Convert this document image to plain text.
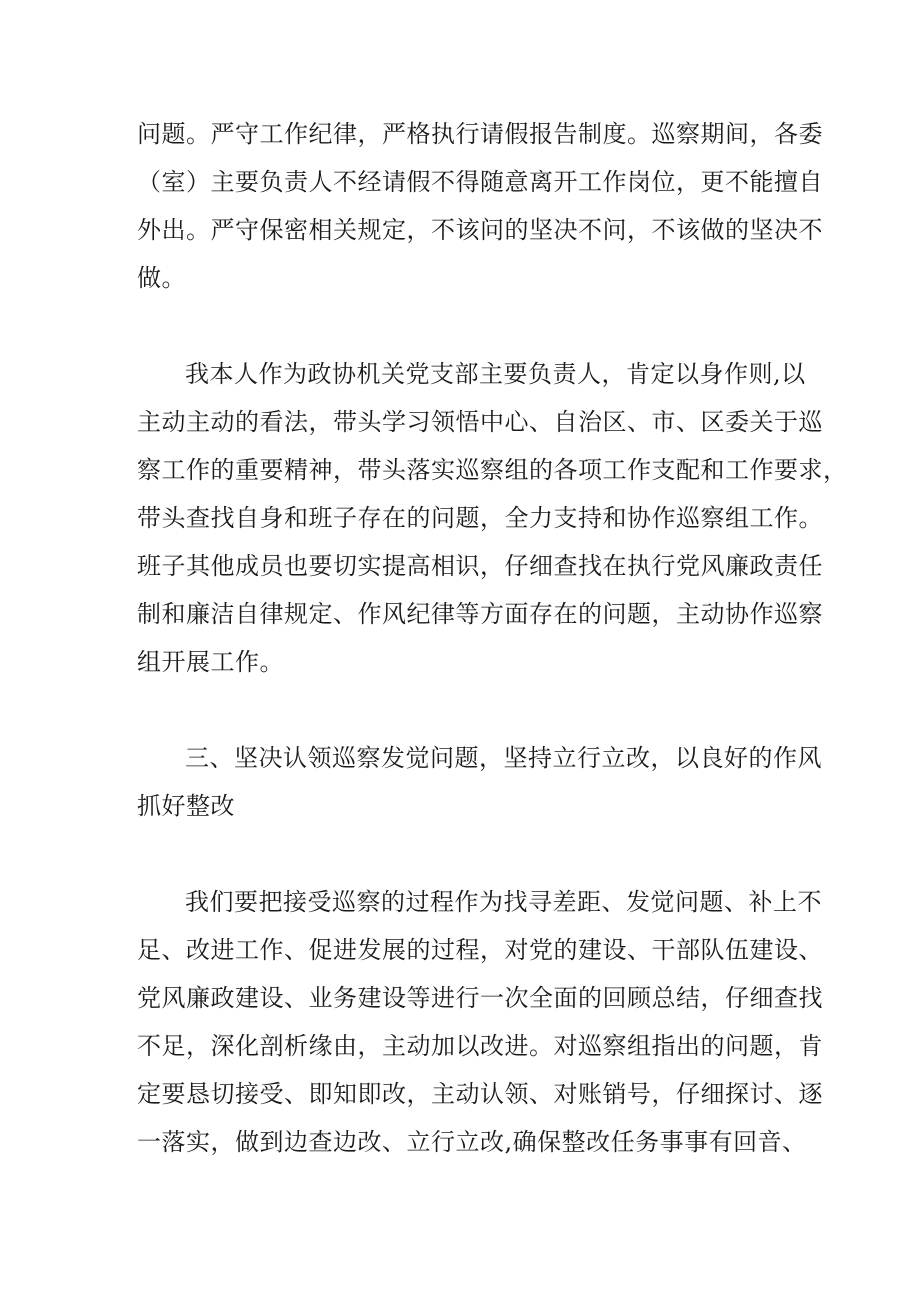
问题。严守工作纪律，严格执行请假报告制度。巡察期间，各委
（室）主要负责人不经请假不得随意离开工作岗位，更不能擅自
外出。严守保密相关规定，不该问的坚决不问，不该做的坚决不
做。
我本人作为政协机关党支部主要负责人，肯定以身作则,以
主动主动的看法，带头学习领悟中心、自治区、市、区委关于巡
察工作的重要精神，带头落实巡察组的各项工作支配和工作要求，
带头查找自身和班子存在的问题，全力支持和协作巡察组工作。
班子其他成员也要切实提高相识，仔细查找在执行党风廉政责任
制和廉洁自律规定、作风纪律等方面存在的问题，主动协作巡察
组开展工作。
三、坚决认领巡察发觉问题，坚持立行立改，以良好的作风
抓好整改
我们要把接受巡察的过程作为找寻差距、发觉问题、补上不
足、改进工作、促进发展的过程，对党的建设、干部队伍建设、
党风廉政建设、业务建设等进行一次全面的回顾总结，仔细查找
不足，深化剖析缘由，主动加以改进。对巡察组指出的问题，肯
定要恳切接受、即知即改，主动认领、对账销号，仔细探讨、逐
一落实，做到边查边改、立行立改,确保整改任务事事有回音、
